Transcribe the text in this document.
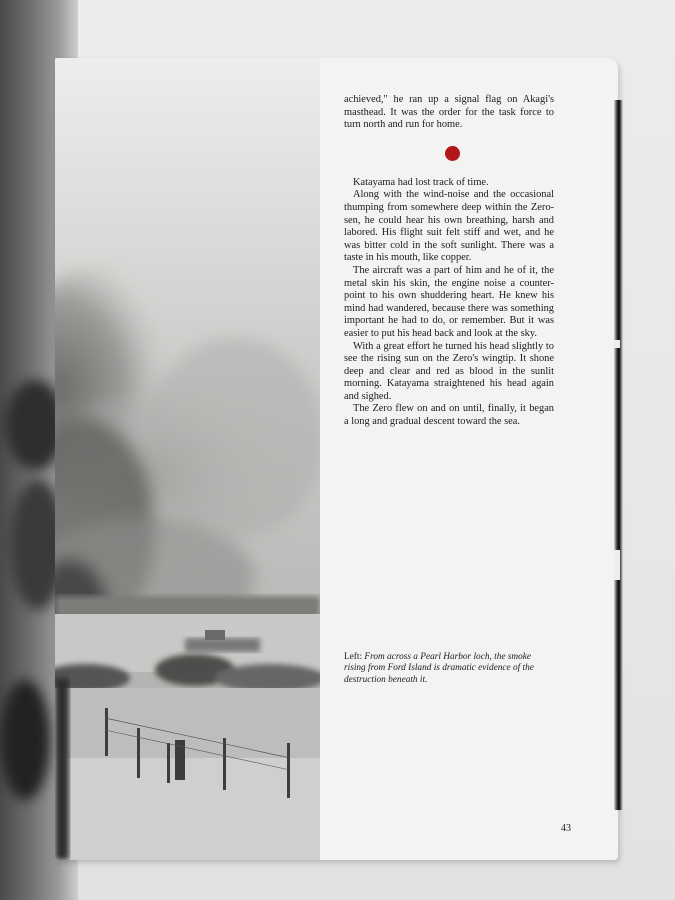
achieved," he ran up a signal flag on Akagi's masthead. It was the order for the task force to turn north and run for home.

Katayama had lost track of time.

Along with the wind-noise and the occasional thumping from somewhere deep within the Zero-sen, he could hear his own breathing, harsh and labored. His flight suit felt stiff and wet, and he was bitter cold in the soft sunlight. There was a taste in his mouth, like copper.

The aircraft was a part of him and he of it, the metal skin his skin, the engine noise a counter-point to his own shuddering heart. He knew his mind had wandered, because there was something important he had to do, or remember. But it was easier to put his head back and look at the sky.

With a great effort he turned his head slightly to see the rising sun on the Zero's wingtip. It shone deep and clear and red as blood in the sunlit morning. Katayama straightened his head again and sighed.

The Zero flew on and on until, finally, it began a long and gradual descent toward the sea.

Left: From across a Pearl Harbor loch, the smoke rising from Ford Island is dramatic evidence of the destruction beneath it.
43
